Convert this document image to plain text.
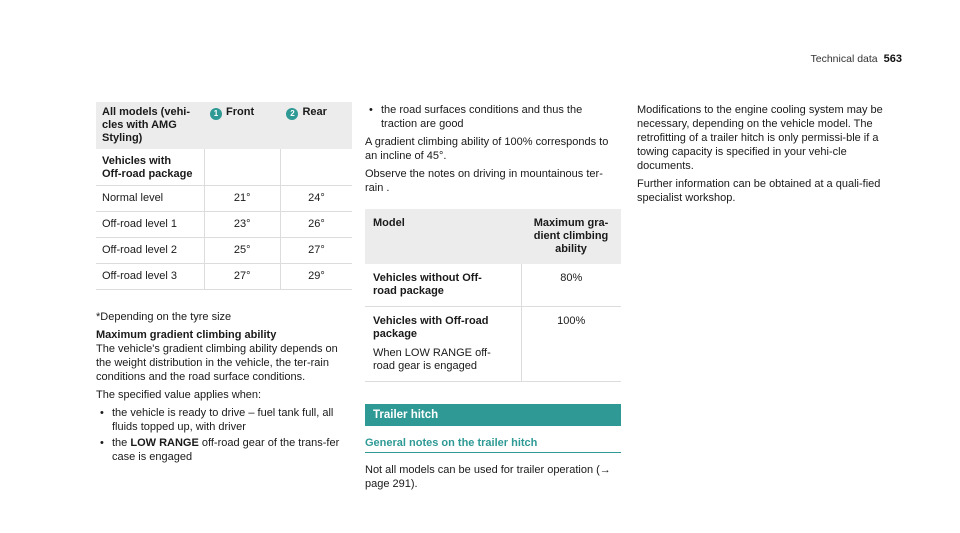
Technical data 563
All models (vehi-
cles with AMG
Styling)	1 Front	2 Rear
Vehicles with
Off-road package		
Normal level	21°	24°
Off-road level 1	23°	26°
Off-road level 2	25°	27°
Off-road level 3	27°	29°

*Depending on the tyre size

Maximum gradient climbing ability

The vehicle's gradient climbing ability depends on the weight distribution in the vehicle, the ter-rain conditions and the road surface conditions.

The specified value applies when:

• the vehicle is ready to drive – fuel tank full, all fluids topped up, with driver
• the LOW RANGE off-road gear of the trans-fer case is engaged
• the road surfaces conditions and thus the traction are good

A gradient climbing ability of 100% corresponds to an incline of 45°.

Observe the notes on driving in mountainous ter-rain .

Model	Maximum gra-
dient climbing
ability
Vehicles without Off-
road package	80%

Vehicles with Off-road
package
When LOW RANGE off-
road gear is engaged	100%
Trailer hitch
General notes on the trailer hitch

Not all models can be used for trailer operation (→ page 291).

Modifications to the engine cooling system may be necessary, depending on the vehicle model. The retrofitting of a trailer hitch is only permissi-ble if a towing capacity is specified in your vehi-cle documents.

Further information can be obtained at a quali-fied specialist workshop.
